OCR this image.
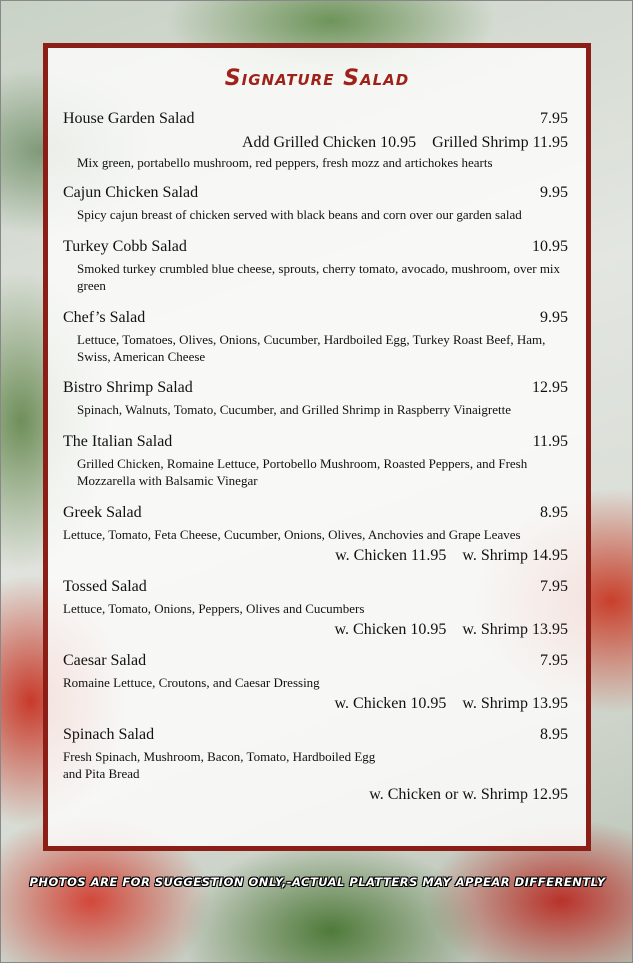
Signature Salad
House Garden Salad	7.95
Add Grilled Chicken 10.95    Grilled Shrimp 11.95
Mix green, portabello mushroom, red peppers, fresh mozz and artichokes hearts
Cajun Chicken Salad	9.95
Spicy cajun breast of chicken served with black beans and corn over our garden salad
Turkey Cobb Salad	10.95
Smoked turkey crumbled blue cheese, sprouts, cherry tomato, avocado, mushroom, over mix green
Chef’s Salad	9.95
Lettuce, Tomatoes, Olives, Onions, Cucumber, Hardboiled Egg, Turkey Roast Beef, Ham, Swiss, American Cheese
Bistro Shrimp Salad	12.95
Spinach, Walnuts, Tomato, Cucumber, and Grilled Shrimp in Raspberry Vinaigrette
The Italian Salad	11.95
Grilled Chicken, Romaine Lettuce, Portobello Mushroom, Roasted Peppers, and Fresh Mozzarella with Balsamic Vinegar
Greek Salad	8.95
Lettuce, Tomato, Feta Cheese, Cucumber, Onions, Olives, Anchovies and Grape Leaves
w. Chicken 11.95    w. Shrimp 14.95
Tossed Salad	7.95
Lettuce, Tomato, Onions, Peppers, Olives and Cucumbers
w. Chicken 10.95    w. Shrimp 13.95
Caesar Salad	7.95
Romaine Lettuce, Croutons, and Caesar Dressing
w. Chicken 10.95    w. Shrimp 13.95
Spinach Salad	8.95
Fresh Spinach, Mushroom, Bacon, Tomato, Hardboiled Egg
and Pita Bread
w. Chicken or w. Shrimp 12.95
PHOTOS ARE FOR SUGGESTION ONLY,-ACTUAL PLATTERS MAY APPEAR DIFFERENTLY
